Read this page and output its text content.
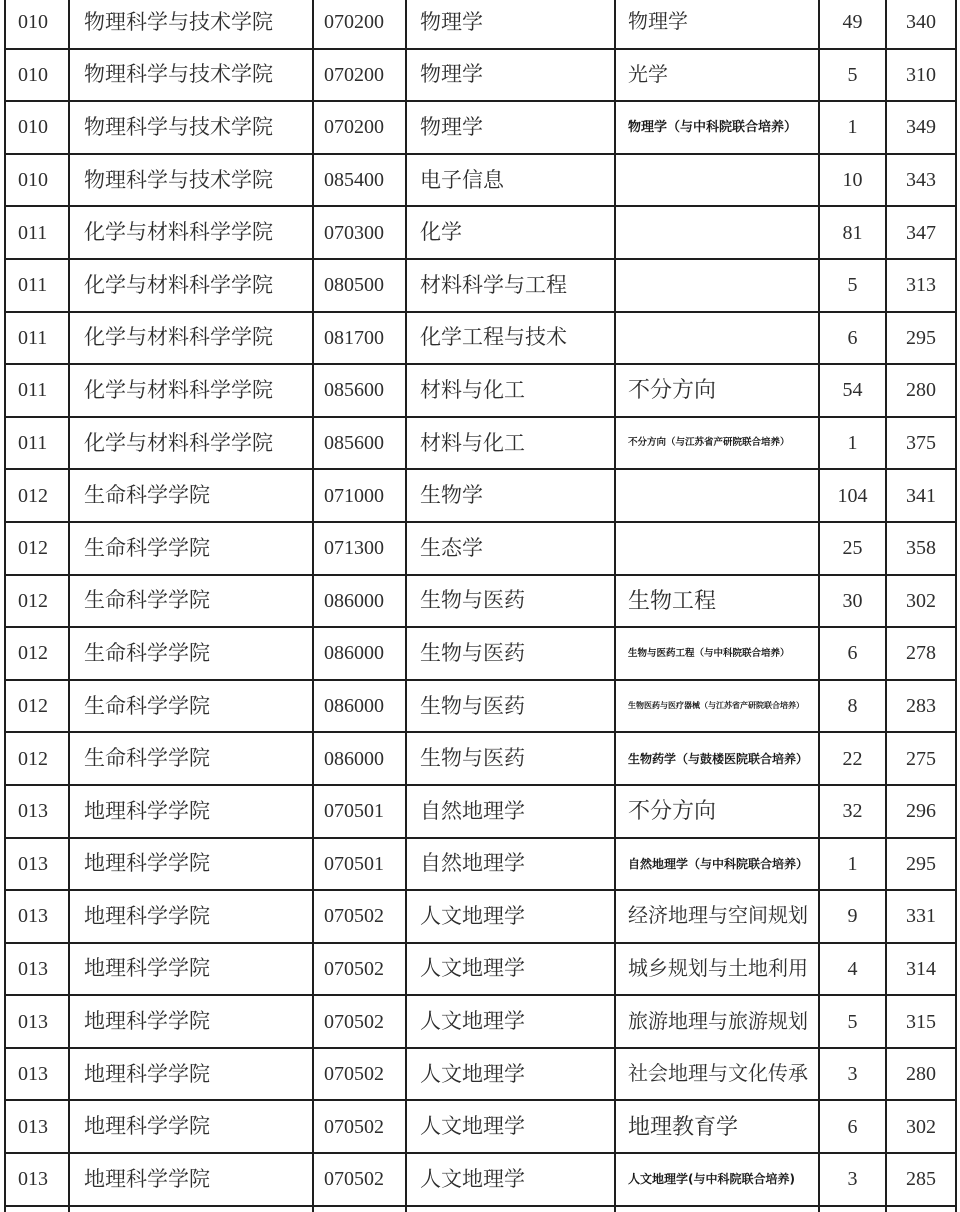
010	物理科学与技术学院	070200	物理学	物理学	49	340
010	物理科学与技术学院	070200	物理学	光学	5	310
010	物理科学与技术学院	070200	物理学	物理学（与中科院联合培养）	1	349
010	物理科学与技术学院	085400	电子信息		10	343
011	化学与材料科学学院	070300	化学		81	347
011	化学与材料科学学院	080500	材料科学与工程		5	313
011	化学与材料科学学院	081700	化学工程与技术		6	295
011	化学与材料科学学院	085600	材料与化工	不分方向	54	280
011	化学与材料科学学院	085600	材料与化工	不分方向（与江苏省产研院联合培养）	1	375
012	生命科学学院	071000	生物学		104	341
012	生命科学学院	071300	生态学		25	358
012	生命科学学院	086000	生物与医药	生物工程	30	302
012	生命科学学院	086000	生物与医药	生物与医药工程（与中科院联合培养）	6	278
012	生命科学学院	086000	生物与医药	生物医药与医疗器械（与江苏省产研院联合培养）	8	283
012	生命科学学院	086000	生物与医药	生物药学（与鼓楼医院联合培养）	22	275
013	地理科学学院	070501	自然地理学	不分方向	32	296
013	地理科学学院	070501	自然地理学	自然地理学（与中科院联合培养）	1	295
013	地理科学学院	070502	人文地理学	经济地理与空间规划	9	331
013	地理科学学院	070502	人文地理学	城乡规划与土地利用	4	314
013	地理科学学院	070502	人文地理学	旅游地理与旅游规划	5	315
013	地理科学学院	070502	人文地理学	社会地理与文化传承	3	280
013	地理科学学院	070502	人文地理学	地理教育学	6	302
013	地理科学学院	070502	人文地理学	人文地理学(与中科院联合培养)	3	285
